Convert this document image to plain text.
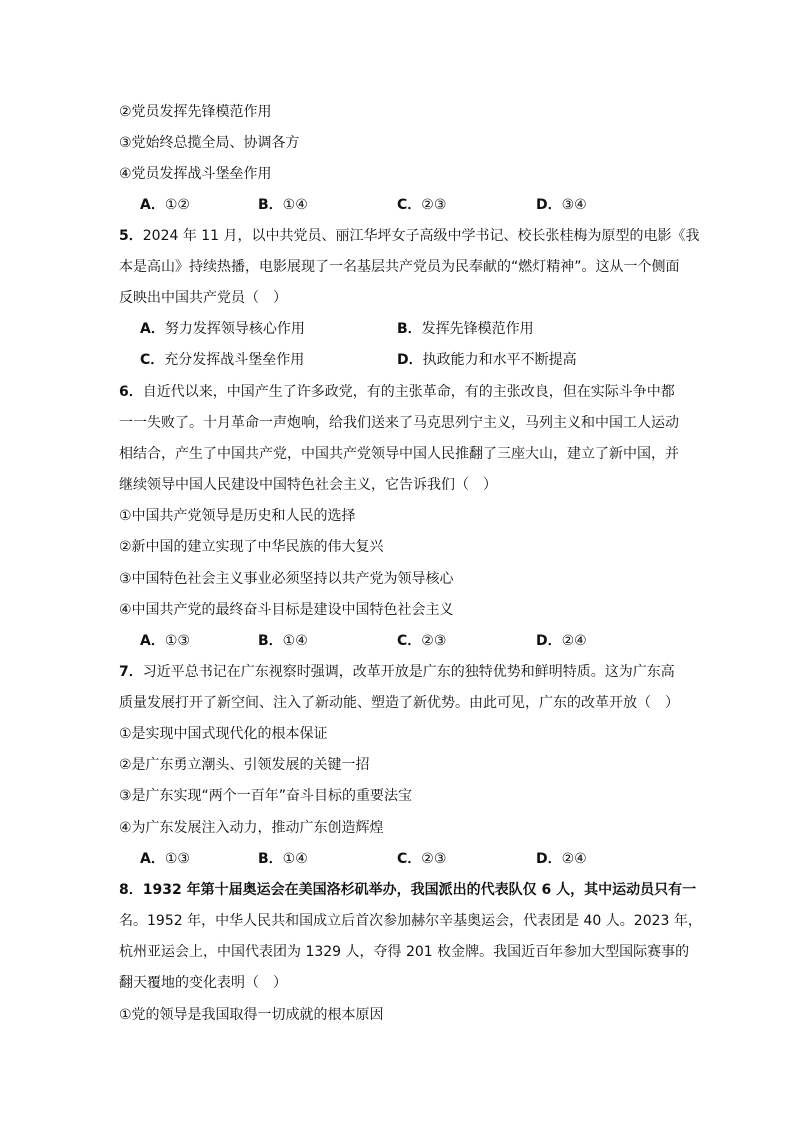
②党员发挥先锋模范作用
③党始终总揽全局、协调各方
④党员发挥战斗堡垒作用
A．①②	B．①④	C．②③	D．③④
5．2024 年 11 月，以中共党员、丽江华坪女子高级中学书记、校长张桂梅为原型的电影《我
本是高山》持续热播，电影展现了一名基层共产党员为民奉献的“燃灯精神”。这从一个侧面
反映出中国共产党员（　）
A．努力发挥领导核心作用	B．发挥先锋模范作用
C．充分发挥战斗堡垒作用	D．执政能力和水平不断提高
6．自近代以来，中国产生了许多政党，有的主张革命，有的主张改良，但在实际斗争中都
一一失败了。十月革命一声炮响，给我们送来了马克思列宁主义，马列主义和中国工人运动
相结合，产生了中国共产党，中国共产党领导中国人民推翻了三座大山，建立了新中国，并
继续领导中国人民建设中国特色社会主义，它告诉我们（　）
①中国共产党领导是历史和人民的选择
②新中国的建立实现了中华民族的伟大复兴
③中国特色社会主义事业必须坚持以共产党为领导核心
④中国共产党的最终奋斗目标是建设中国特色社会主义
A．①③	B．①④	C．②③	D．②④
7．习近平总书记在广东视察时强调，改革开放是广东的独特优势和鲜明特质。这为广东高
质量发展打开了新空间、注入了新动能、塑造了新优势。由此可见，广东的改革开放（　）
①是实现中国式现代化的根本保证
②是广东勇立潮头、引领发展的关键一招
③是广东实现“两个一百年”奋斗目标的重要法宝
④为广东发展注入动力，推动广东创造辉煌
A．①③	B．①④	C．②③	D．②④
8．1932 年第十届奥运会在美国洛杉矶举办，我国派出的代表队仅 6 人，其中运动员只有一
名。1952 年，中华人民共和国成立后首次参加赫尔辛基奥运会，代表团是 40 人。2023 年，
杭州亚运会上，中国代表团为 1329 人，夺得 201 枚金牌。我国近百年参加大型国际赛事的
翻天覆地的变化表明（　）
①党的领导是我国取得一切成就的根本原因
